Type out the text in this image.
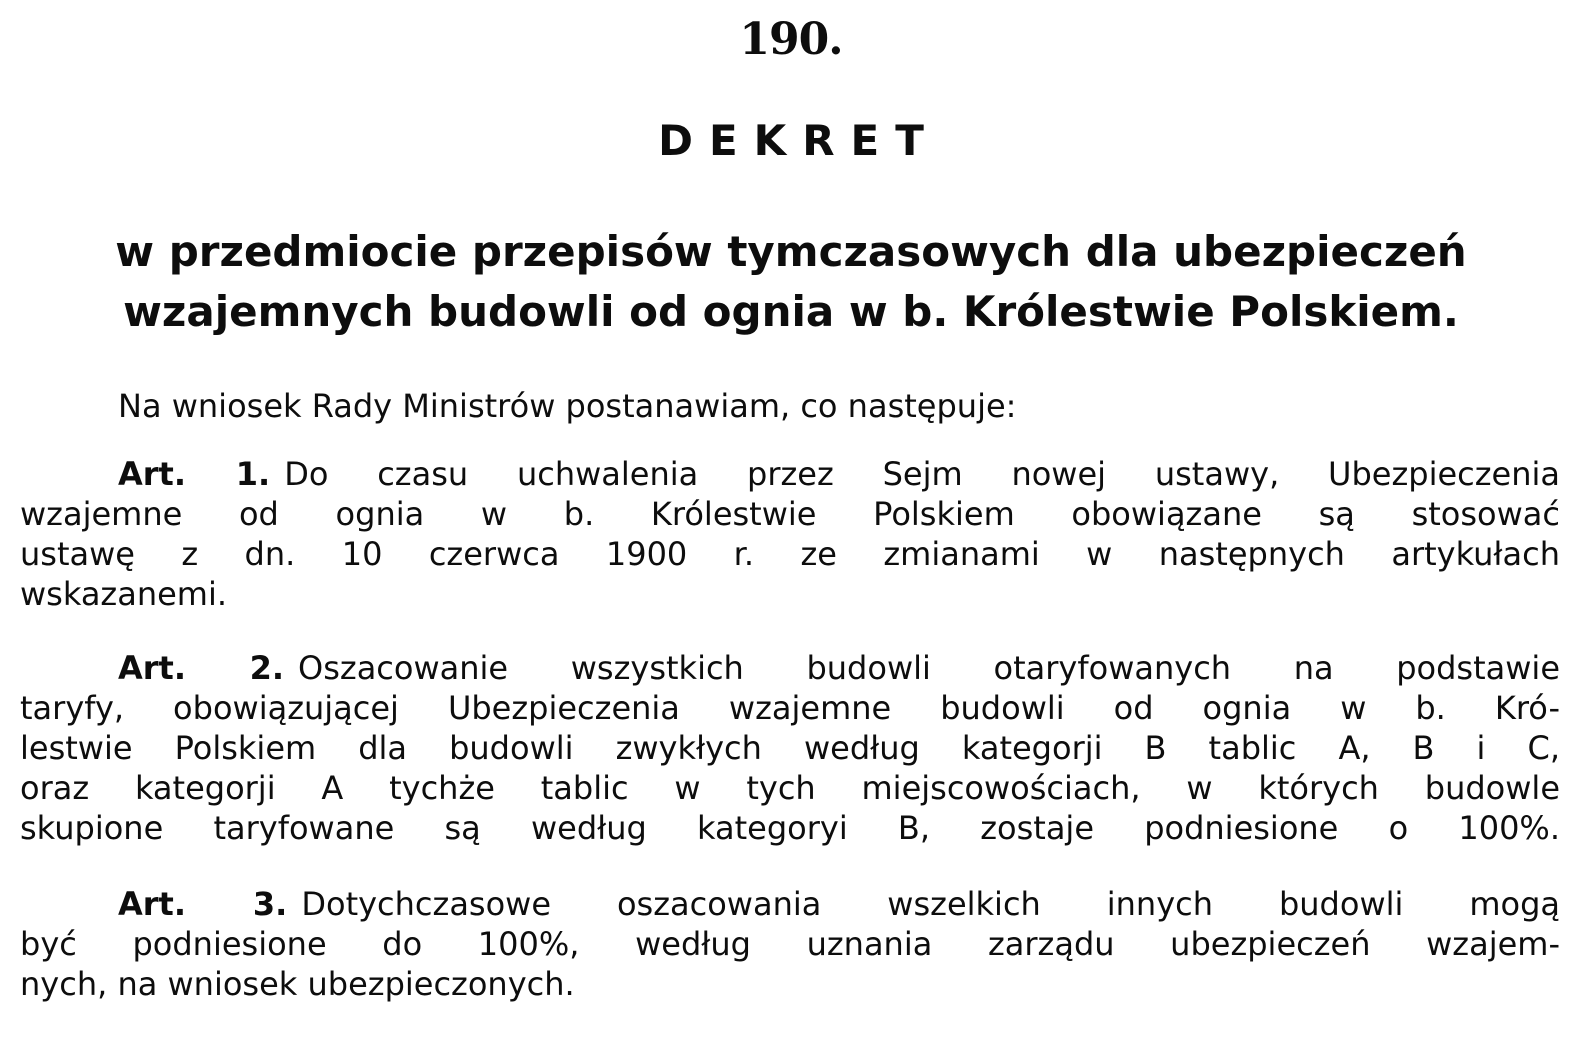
190.
DEKRET
w przedmiocie przepisów tymczasowych dla ubezpieczeń
wzajemnych budowli od ognia w b. Królestwie Polskiem.
Na wniosek Rady Ministrów postanawiam, co następuje:
Art. 1. Do czasu uchwalenia przez Sejm nowej ustawy, Ubezpieczenia
wzajemne od ognia w b. Królestwie Polskiem obowiązane są stosować
ustawę z dn. 10 czerwca 1900 r. ze zmianami w następnych artykułach
wskazanemi.
Art. 2. Oszacowanie wszystkich budowli otaryfowanych na podstawie
taryfy, obowiązującej Ubezpieczenia wzajemne budowli od ognia w b. Kró-
lestwie Polskiem dla budowli zwykłych według kategorji B tablic A, B i C,
oraz kategorji A tychże tablic w tych miejscowościach, w których budowle
skupione taryfowane są według kategoryi B, zostaje podniesione o 100%.
Art. 3. Dotychczasowe oszacowania wszelkich innych budowli mogą
być podniesione do 100%, według uznania zarządu ubezpieczeń wzajem-
nych, na wniosek ubezpieczonych.
